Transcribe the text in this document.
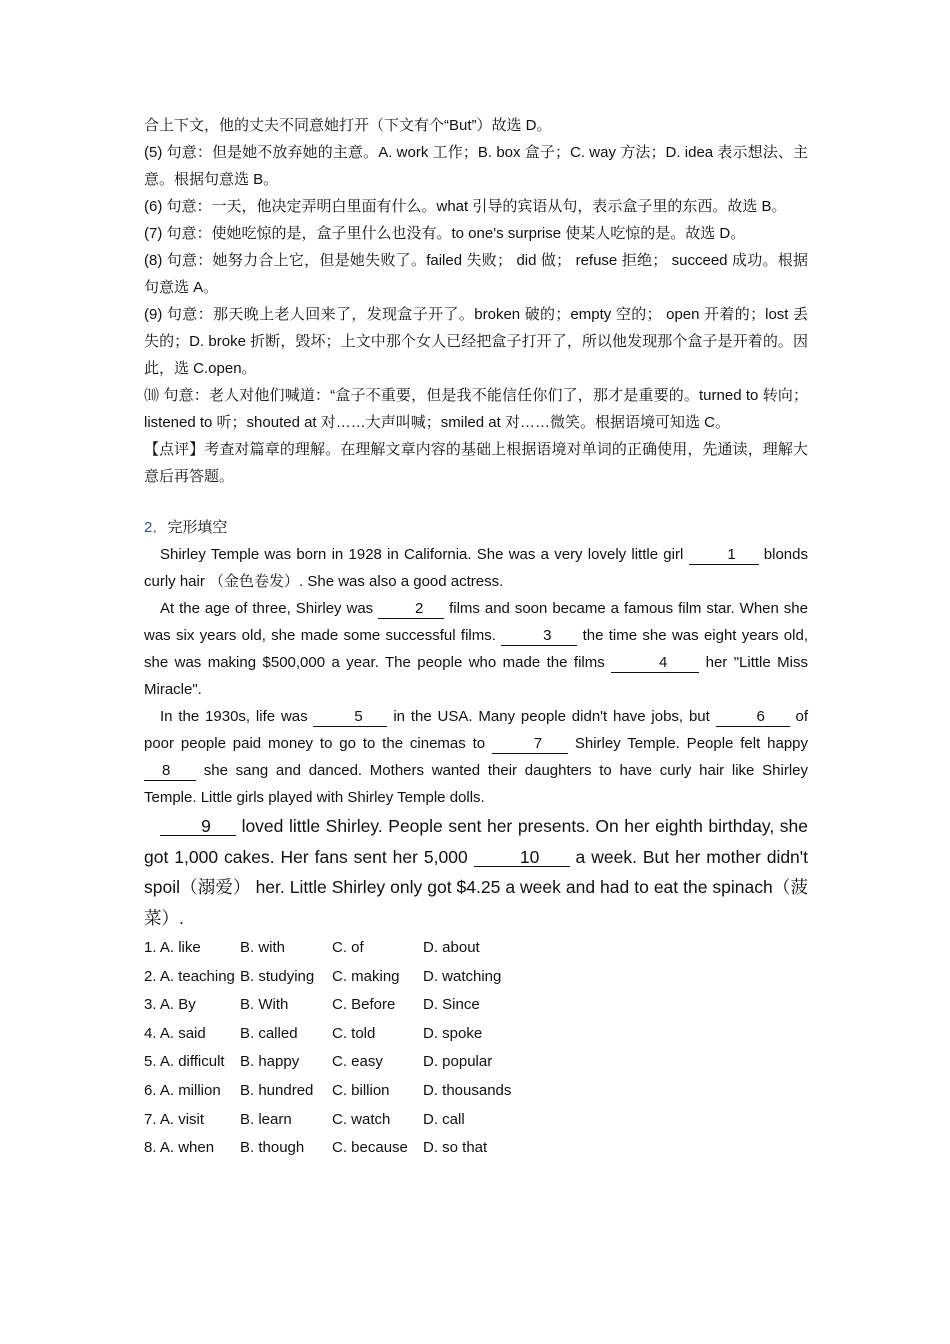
合上下文，他的丈夫不同意她打开（下文有个“But”）故选 D。

(5) 句意：但是她不放弃她的主意。A. work 工作；B. box 盒子；C. way 方法；D. idea 表示想法、主意。根据句意选 B。

(6) 句意：一天，他决定弄明白里面有什么。what 引导的宾语从句，表示盒子里的东西。故选 B。

(7) 句意：使她吃惊的是，盒子里什么也没有。to one's surprise 使某人吃惊的是。故选 D。

(8) 句意：她努力合上它，但是她失败了。failed 失败； did 做； refuse 拒绝； succeed 成功。根据句意选 A。

(9) 句意：那天晚上老人回来了，发现盒子开了。broken 破的；empty 空的； open 开着的；lost 丢失的；D. broke 折断，毁坏；上文中那个女人已经把盒子打开了，所以他发现那个盒子是开着的。因此，选 C.open。

⑽ 句意：老人对他们喊道：“盒子不重要，但是我不能信任你们了，那才是重要的。turned to 转向；listened to 听；shouted at 对……大声叫喊；smiled at 对……微笑。根据语境可知选 C。

【点评】考查对篇章的理解。在理解文章内容的基础上根据语境对单词的正确使用，先通读，理解大意后再答题。

2．完形填空

Shirley Temple was born in 1928 in California. She was a very lovely little girl	1 blonds curly hair （金色卷发）. She was also a good actress.

At the age of three, Shirley was 2 films and soon became a famous film star. When she was six years old, she made some successful films.	3 the time she was eight years old, she was making $500,000 a year. The people who made the films	4 her "Little Miss Miracle".

In the 1930s, life was	5 in the USA. Many people didn't have jobs, but	6 of poor people paid money to go to the cinemas to	7 Shirley Temple. People felt happy 8 she sang and danced. Mothers wanted their daughters to have curly hair like Shirley Temple. Little girls played with Shirley Temple dolls.

9 loved little Shirley. People sent her presents. On her eighth birthday, she got 1,000 cakes. Her fans sent her 5,000	10 a week. But her mother didn't spoil（溺爱） her. Little Shirley only got $4.25 a week and had to eat the spinach（菠菜）.

1. A. like	B. with	C. of	D. about
2. A. teaching B. studying	C. making	D. watching
3. A. By	B. With	C. Before	D. Since
4. A. said	B. called	C. told	D. spoke
5. A. difficult	B. happy	C. easy	D. popular
6. A. million	B. hundred	C. billion	D. thousands
7. A. visit	B. learn	C. watch	D. call
8. A. when	B. though	C. because	D. so that
